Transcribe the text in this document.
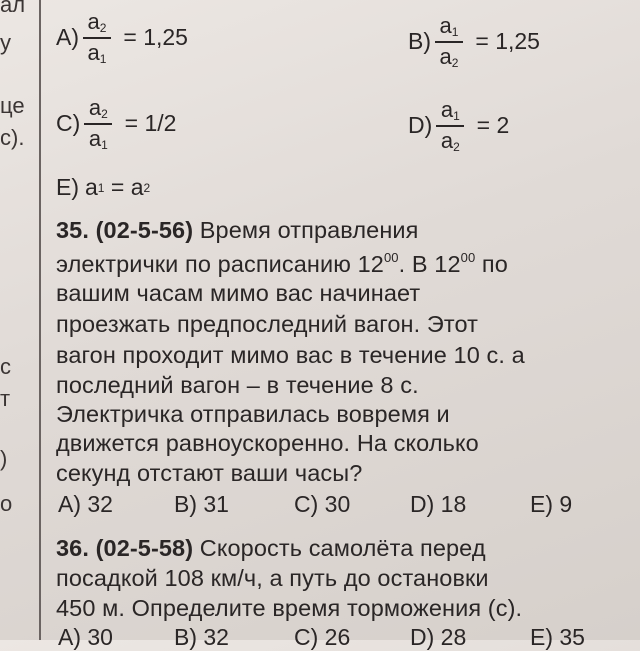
ал
у
це
с).
с
т
)
о
$A) \frac{a_2}{a_1} = 1,25$	$B) \frac{a_1}{a_2} = 1,25$
$C) \frac{a_2}{a_1} = 1/2$	$D) \frac{a_1}{a_2} = 2$
E) a 1 = a 2
35. (02-5-56) Время отправления
электрички по расписанию $12^{00}$. В $12^{00}$ по
вашим часам мимо вас начинает
проезжать предпоследний вагон. Этот
вагон проходит мимо вас в течение 10 с. а
последний вагон – в течение 8 с.
Электричка отправилась вовремя и
движется равноускоренно. На сколько
секунд отстают ваши часы?
A) 32	B) 31	C) 30	D) 18	E) 9
36. (02-5-58) Скорость самолёта перед
посадкой 108 км/ч, а путь до остановки
450 м. Определите время торможения (с).
A) 30	B) 32	C) 26	D) 28	E) 35
